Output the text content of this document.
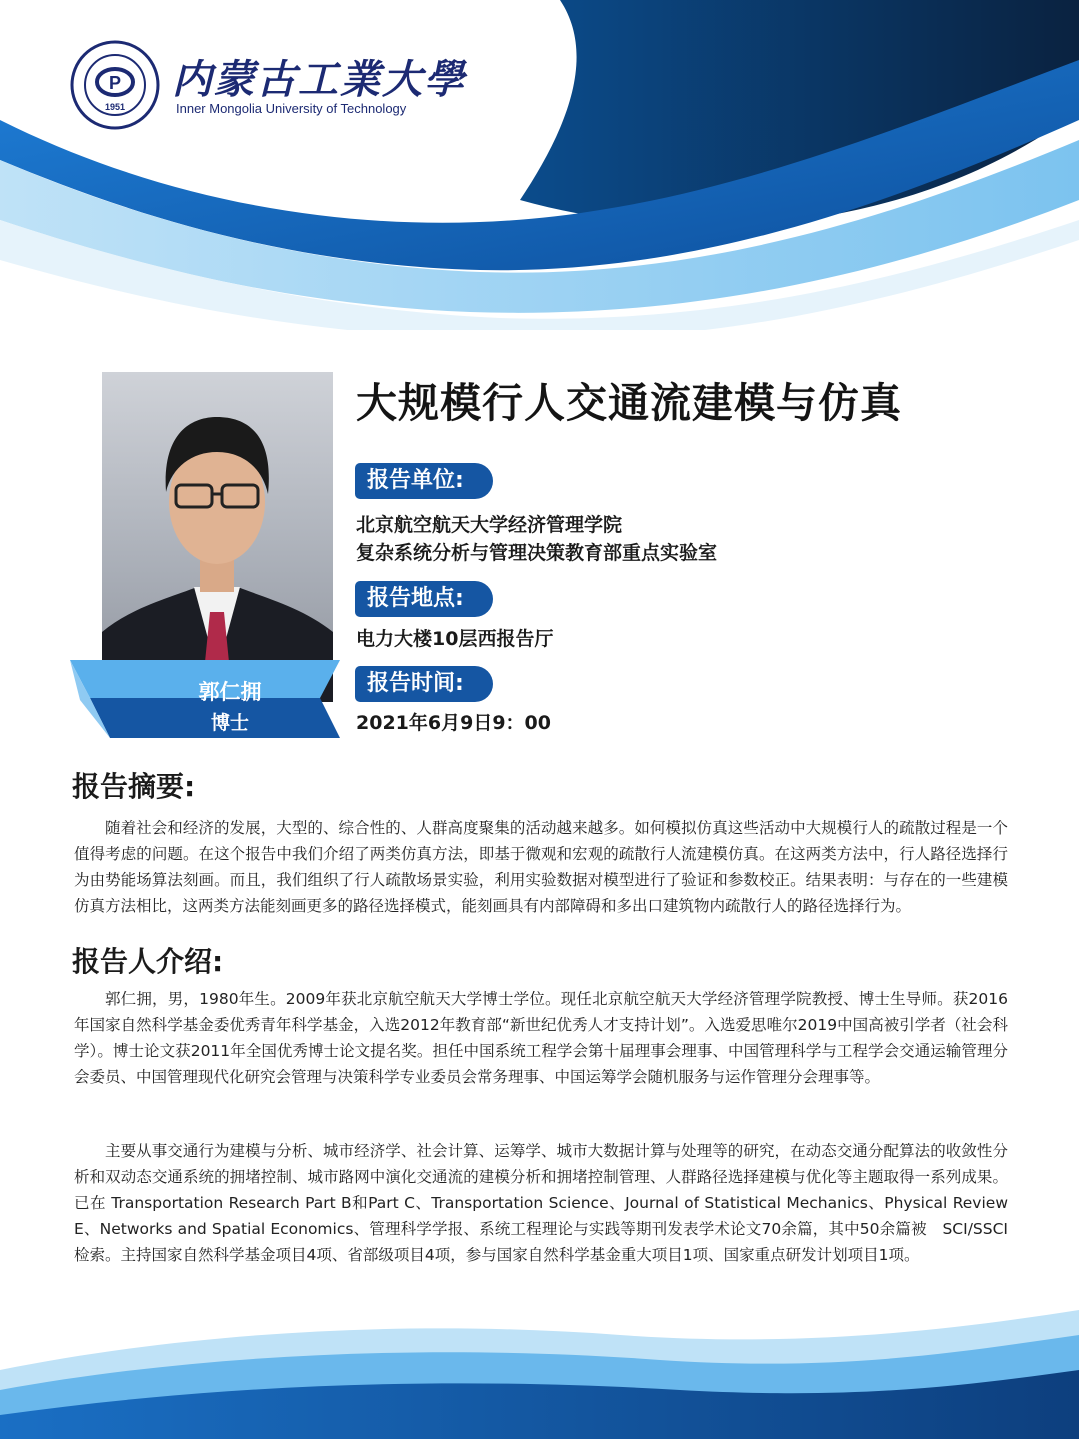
P
1951
内蒙古工業大學
Inner Mongolia University of Technology
郭仁拥
博士
大规模行人交通流建模与仿真
报告单位:
北京航空航天大学经济管理学院
复杂系统分析与管理决策教育部重点实验室
报告地点:
电力大楼10层西报告厅
报告时间:
2021年6月9日9：00
报告摘要:
随着社会和经济的发展，大型的、综合性的、人群高度聚集的活动越来越多。如何模拟仿真这些活动中大规模行人的疏散过程是一个值得考虑的问题。在这个报告中我们介绍了两类仿真方法，即基于微观和宏观的疏散行人流建模仿真。在这两类方法中，行人路径选择行为由势能场算法刻画。而且，我们组织了行人疏散场景实验，利用实验数据对模型进行了验证和参数校正。结果表明：与存在的一些建模仿真方法相比，这两类方法能刻画更多的路径选择模式，能刻画具有内部障碍和多出口建筑物内疏散行人的路径选择行为。
报告人介绍:
郭仁拥，男，1980年生。2009年获北京航空航天大学博士学位。现任北京航空航天大学经济管理学院教授、博士生导师。获2016年国家自然科学基金委优秀青年科学基金，入选2012年教育部“新世纪优秀人才支持计划”。入选爱思唯尔2019中国高被引学者（社会科学）。博士论文获2011年全国优秀博士论文提名奖。担任中国系统工程学会第十届理事会理事、中国管理科学与工程学会交通运输管理分会委员、中国管理现代化研究会管理与决策科学专业委员会常务理事、中国运筹学会随机服务与运作管理分会理事等。
主要从事交通行为建模与分析、城市经济学、社会计算、运筹学、城市大数据计算与处理等的研究，在动态交通分配算法的收敛性分析和双动态交通系统的拥堵控制、城市路网中演化交通流的建模分析和拥堵控制管理、人群路径选择建模与优化等主题取得一系列成果。已在 Transportation Research Part B和Part C、Transportation Science、Journal of Statistical Mechanics、Physical Review E、Networks and Spatial Economics、管理科学学报、系统工程理论与实践等期刊发表学术论文70余篇，其中50余篇被　SCI/SSCI检索。主持国家自然科学基金项目4项、省部级项目4项，参与国家自然科学基金重大项目1项、国家重点研发计划项目1项。
